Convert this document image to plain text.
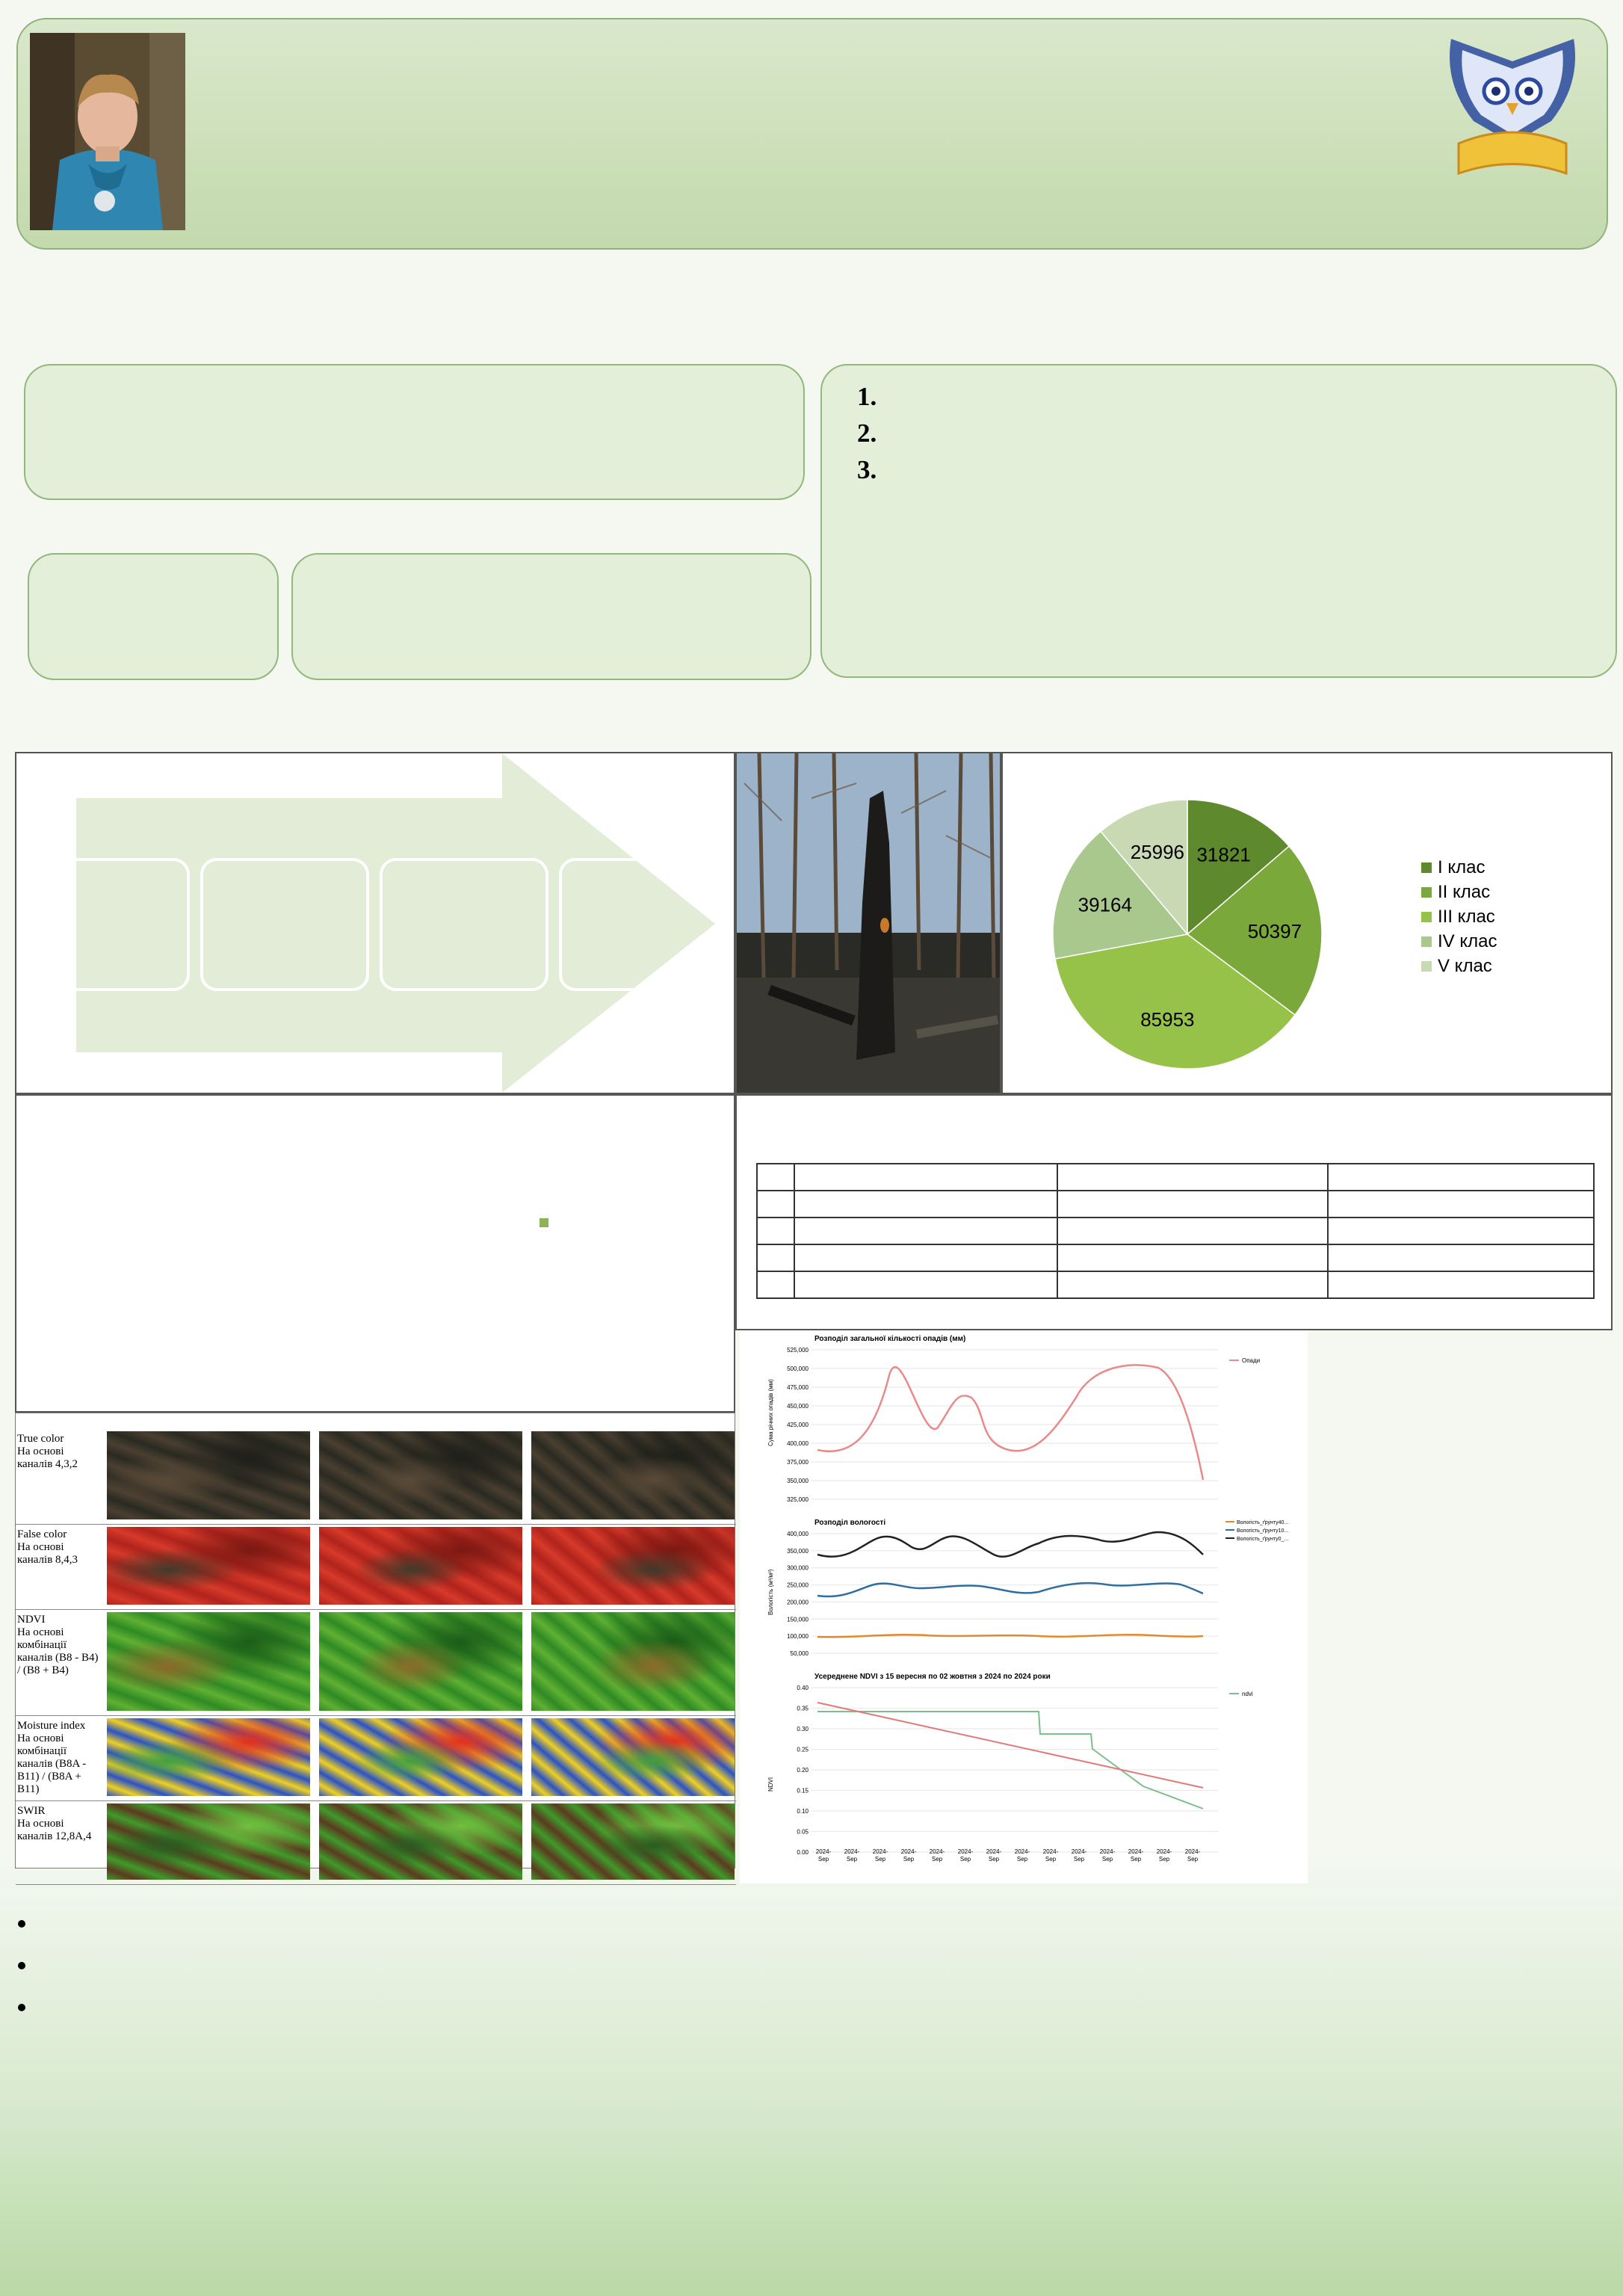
1.
2.
3.
31821
50397
85953
39164
25996
І клас
ІІ клас
ІІІ клас
IV клас
V клас

True color
На основі каналів 4,3,2
False color
На основі каналів 8,4,3
NDVI
На основі комбінації каналів (B8 - B4) / (B8 + B4)
Moisture index
На основі комбінації каналів (B8A - B11) / (B8A + B11)
SWIR
На основі каналів 12,8A,4
Розподіл загальної кількості опадів (мм)
Сума річних опадів (мм)
525,000
500,000
475,000
450,000
425,000
400,000
375,000
350,000
325,000
Опади
Розподіл вологості
Вологість (м³/м³)
400,000
350,000
300,000
250,000
200,000
150,000
100,000
50,000
Вологість_ґрунту40...
Вологість_ґрунту10...
Вологість_ґрунту0_...
Усереднене NDVI з 15 вересня по 02 жовтня з 2024 по 2024 роки
NDVI
0.40
0.35
0.30
0.25
0.20
0.15
0.10
0.05
0.00
ndvi
2024-
Sep
2024-
Sep
2024-
Sep
2024-
Sep
2024-
Sep
2024-
Sep
2024-
Sep
2024-
Sep
2024-
Sep
2024-
Sep
2024-
Sep
2024-
Sep
2024-
Sep
2024-
Sep
•
•
•
